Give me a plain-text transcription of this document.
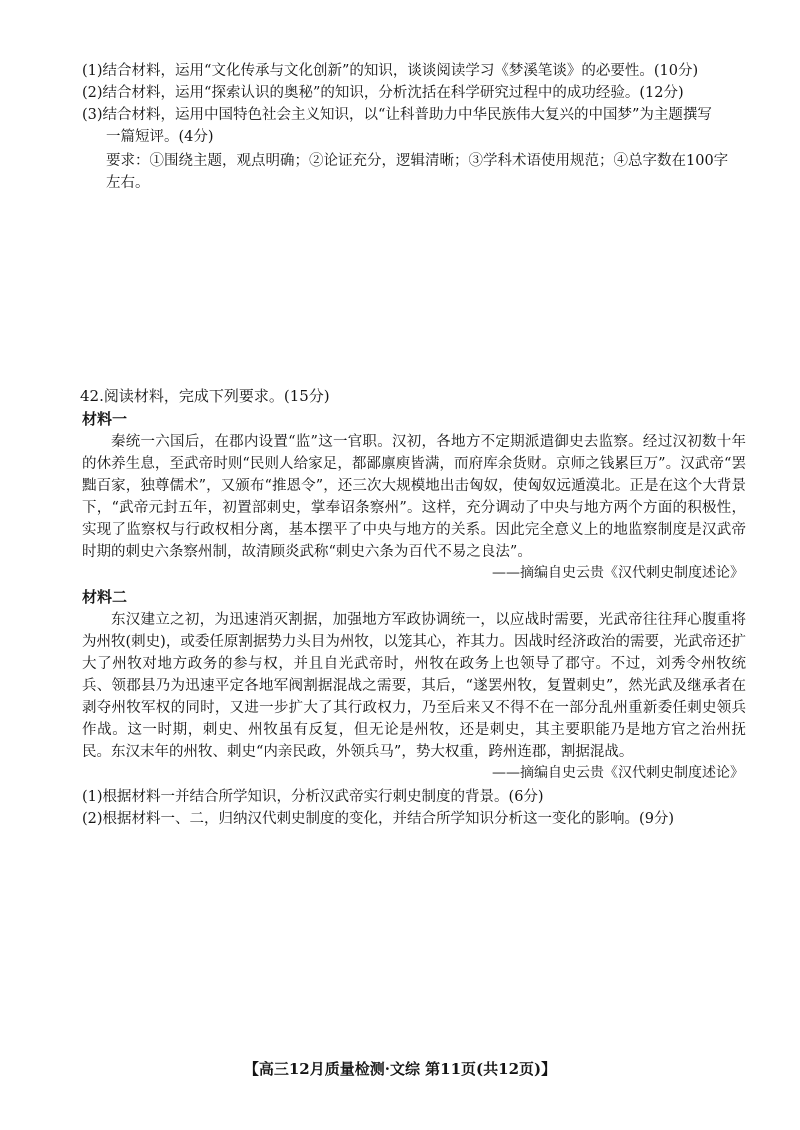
(1)结合材料，运用“文化传承与文化创新”的知识，谈谈阅读学习《梦溪笔谈》的必要性。(10分)
(2)结合材料，运用“探索认识的奥秘”的知识，分析沈括在科学研究过程中的成功经验。(12分)
(3)结合材料，运用中国特色社会主义知识，以“让科普助力中华民族伟大复兴的中国梦”为主题撰写
一篇短评。(4分)
要求：①围绕主题，观点明确；②论证充分，逻辑清晰；③学科术语使用规范；④总字数在100字
左右。
42.阅读材料，完成下列要求。(15分)
材料一
秦统一六国后，在郡内设置“监”这一官职。汉初，各地方不定期派遣御史去监察。经过汉初数十年的休养生息，至武帝时则“民则人给家足，都鄙廪庾皆满，而府库余货财。京师之钱累巨万”。汉武帝“罢黜百家，独尊儒术”，又颁布“推恩令”，还三次大规模地出击匈奴，使匈奴远遁漠北。正是在这个大背景下，“武帝元封五年，初置部刺史，掌奉诏条察州”。这样，充分调动了中央与地方两个方面的积极性，实现了监察权与行政权相分离，基本摆平了中央与地方的关系。因此完全意义上的地监察制度是汉武帝时期的刺史六条察州制，故清顾炎武称“刺史六条为百代不易之良法”。
——摘编自史云贵《汉代刺史制度述论》
材料二
东汉建立之初，为迅速消灭割据，加强地方军政协调统一，以应战时需要，光武帝往往拜心腹重将为州牧(刺史)，或委任原割据势力头目为州牧，以笼其心，祚其力。因战时经济政治的需要，光武帝还扩大了州牧对地方政务的参与权，并且自光武帝时，州牧在政务上也领导了郡守。不过，刘秀令州牧统兵、领郡县乃为迅速平定各地军阀割据混战之需要，其后，“遂罢州牧，复置刺史”，然光武及继承者在剥夺州牧军权的同时，又进一步扩大了其行政权力，乃至后来又不得不在一部分乱州重新委任刺史领兵作战。这一时期，刺史、州牧虽有反复，但无论是州牧，还是刺史，其主要职能乃是地方官之治州抚民。东汉末年的州牧、刺史“内亲民政，外领兵马”，势大权重，跨州连郡，割据混战。
——摘编自史云贵《汉代刺史制度述论》
(1)根据材料一并结合所学知识，分析汉武帝实行刺史制度的背景。(6分)
(2)根据材料一、二，归纳汉代刺史制度的变化，并结合所学知识分析这一变化的影响。(9分)
【高三12月质量检测·文综 第11页(共12页)】
